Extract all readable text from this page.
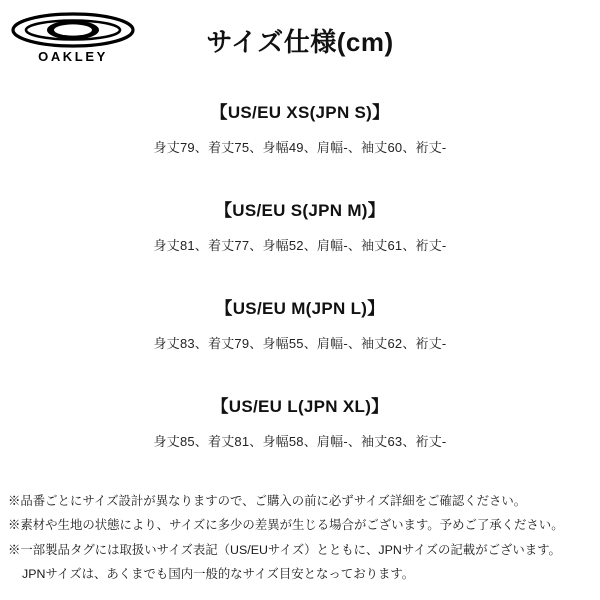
OAKLEY	サイズ仕様(cm)
【US/EU XS(JPN S)】
身丈79、着丈75、身幅49、肩幅-、袖丈60、裄丈-
【US/EU S(JPN M)】
身丈81、着丈77、身幅52、肩幅-、袖丈61、裄丈-
【US/EU M(JPN L)】
身丈83、着丈79、身幅55、肩幅-、袖丈62、裄丈-
【US/EU L(JPN XL)】
身丈85、着丈81、身幅58、肩幅-、袖丈63、裄丈-
※品番ごとにサイズ設計が異なりますので、ご購入の前に必ずサイズ詳細をご確認ください。
※素材や生地の状態により、サイズに多少の差異が生じる場合がございます。予めご了承ください。
※一部製品タグには取扱いサイズ表記（US/EUサイズ）とともに、JPNサイズの記載がございます。
JPNサイズは、あくまでも国内一般的なサイズ目安となっております。
